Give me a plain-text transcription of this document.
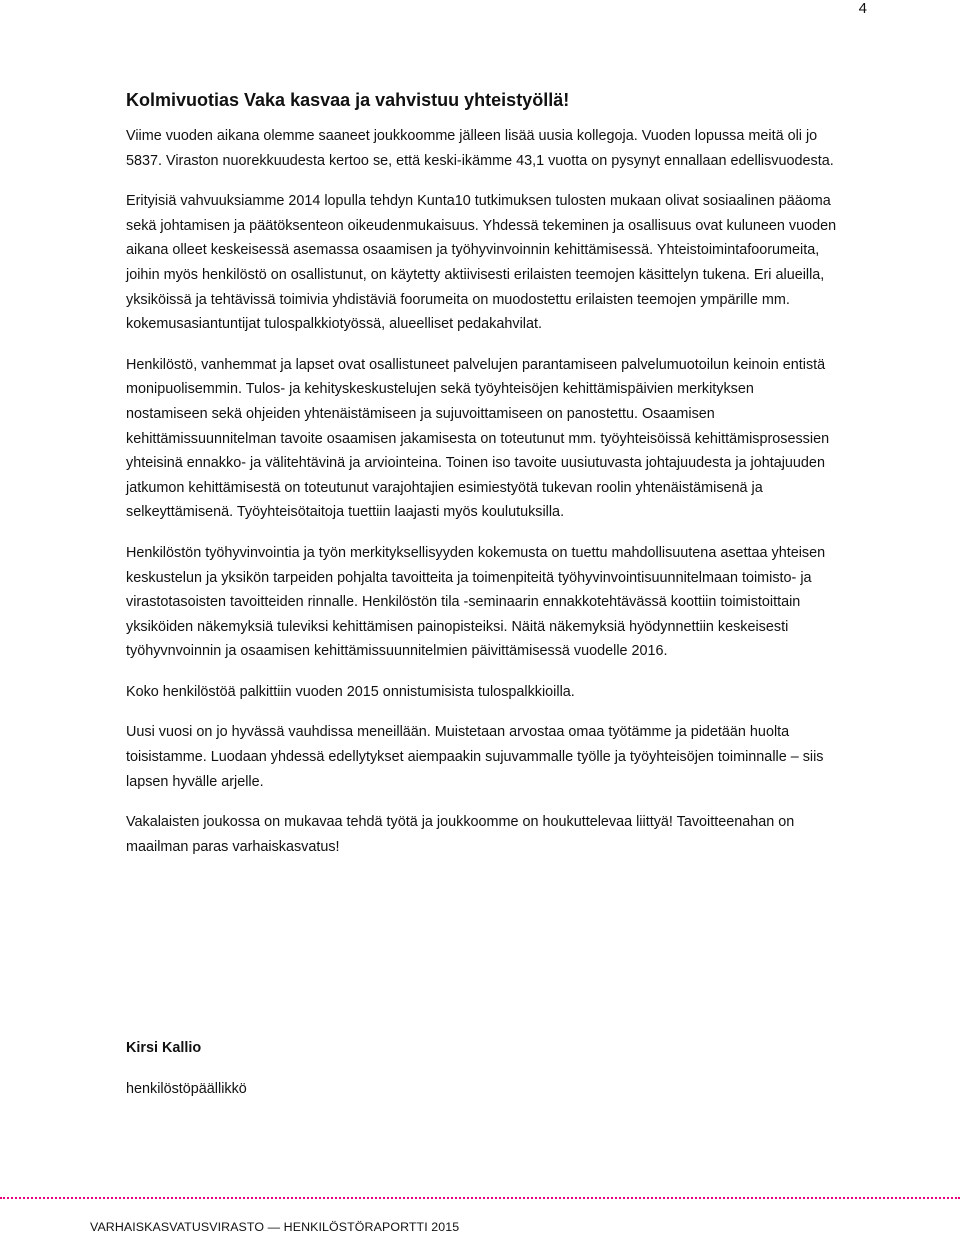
4
Kolmivuotias Vaka kasvaa ja vahvistuu yhteistyöllä!

Viime vuoden aikana olemme saaneet joukkoomme jälleen lisää uusia kollegoja. Vuoden lopussa meitä oli jo 5837. Viraston nuorekkuudesta kertoo se, että keski-ikämme 43,1 vuotta on pysynyt ennallaan edellisvuodesta.

Erityisiä vahvuuksiamme 2014 lopulla tehdyn Kunta10 tutkimuksen tulosten mukaan olivat sosiaalinen pääoma sekä johtamisen ja päätöksenteon oikeudenmukaisuus. Yhdessä tekeminen ja osallisuus ovat kuluneen vuoden aikana olleet keskeisessä asemassa osaamisen ja työhyvinvoinnin kehittämisessä. Yhteistoimintafoorumeita, joihin myös henkilöstö on osallistunut, on käytetty aktiivisesti erilaisten teemojen käsittelyn tukena. Eri alueilla, yksiköissä ja tehtävissä toimivia yhdistäviä foorumeita on muodostettu erilaisten teemojen ympärille mm. kokemusasiantuntijat tulospalkkiotyössä, alueelliset pedakahvilat.

Henkilöstö, vanhemmat ja lapset ovat osallistuneet palvelujen parantamiseen palvelumuotoilun keinoin entistä monipuolisemmin. Tulos- ja kehityskeskustelujen sekä työyhteisöjen kehittämispäivien merkityksen nostamiseen sekä ohjeiden yhtenäistämiseen ja sujuvoittamiseen on panostettu. Osaamisen kehittämissuunnitelman tavoite osaamisen jakamisesta on toteutunut mm. työyhteisöissä kehittämisprosessien yhteisinä ennakko- ja välitehtävinä ja arviointeina. Toinen iso tavoite uusiutuvasta johtajuudesta ja johtajuuden jatkumon kehittämisestä on toteutunut varajohtajien esimiestyötä tukevan roolin yhtenäistämisenä ja selkeyttämisenä. Työyhteisötaitoja tuettiin laajasti myös koulutuksilla.

Henkilöstön työhyvinvointia ja työn merkityksellisyyden kokemusta on tuettu mahdollisuutena asettaa yhteisen keskustelun ja yksikön tarpeiden pohjalta tavoitteita ja toimenpiteitä työhyvinvointisuunnitelmaan toimisto- ja virastotasoisten tavoitteiden rinnalle. Henkilöstön tila -seminaarin ennakkotehtävässä koottiin toimistoittain yksiköiden näkemyksiä tuleviksi kehittämisen painopisteiksi. Näitä näkemyksiä hyödynnettiin keskeisesti työhyvnvoinnin ja osaamisen kehittämissuunnitelmien päivittämisessä vuodelle 2016.

Koko henkilöstöä palkittiin vuoden 2015 onnistumisista tulospalkkioilla.

Uusi vuosi on jo hyvässä vauhdissa meneillään. Muistetaan arvostaa omaa työtämme ja pidetään huolta toisistamme. Luodaan yhdessä edellytykset aiempaakin sujuvammalle työlle ja työyhteisöjen toiminnalle – siis lapsen hyvälle arjelle.

Vakalaisten joukossa on mukavaa tehdä työtä ja joukkoomme on houkuttelevaa liittyä! Tavoitteenahan on maailman paras varhaiskasvatus!

Kirsi Kallio
henkilöstöpäällikkö
VARHAISKASVATUSVIRASTO — HENKILÖSTÖRAPORTTI 2015
